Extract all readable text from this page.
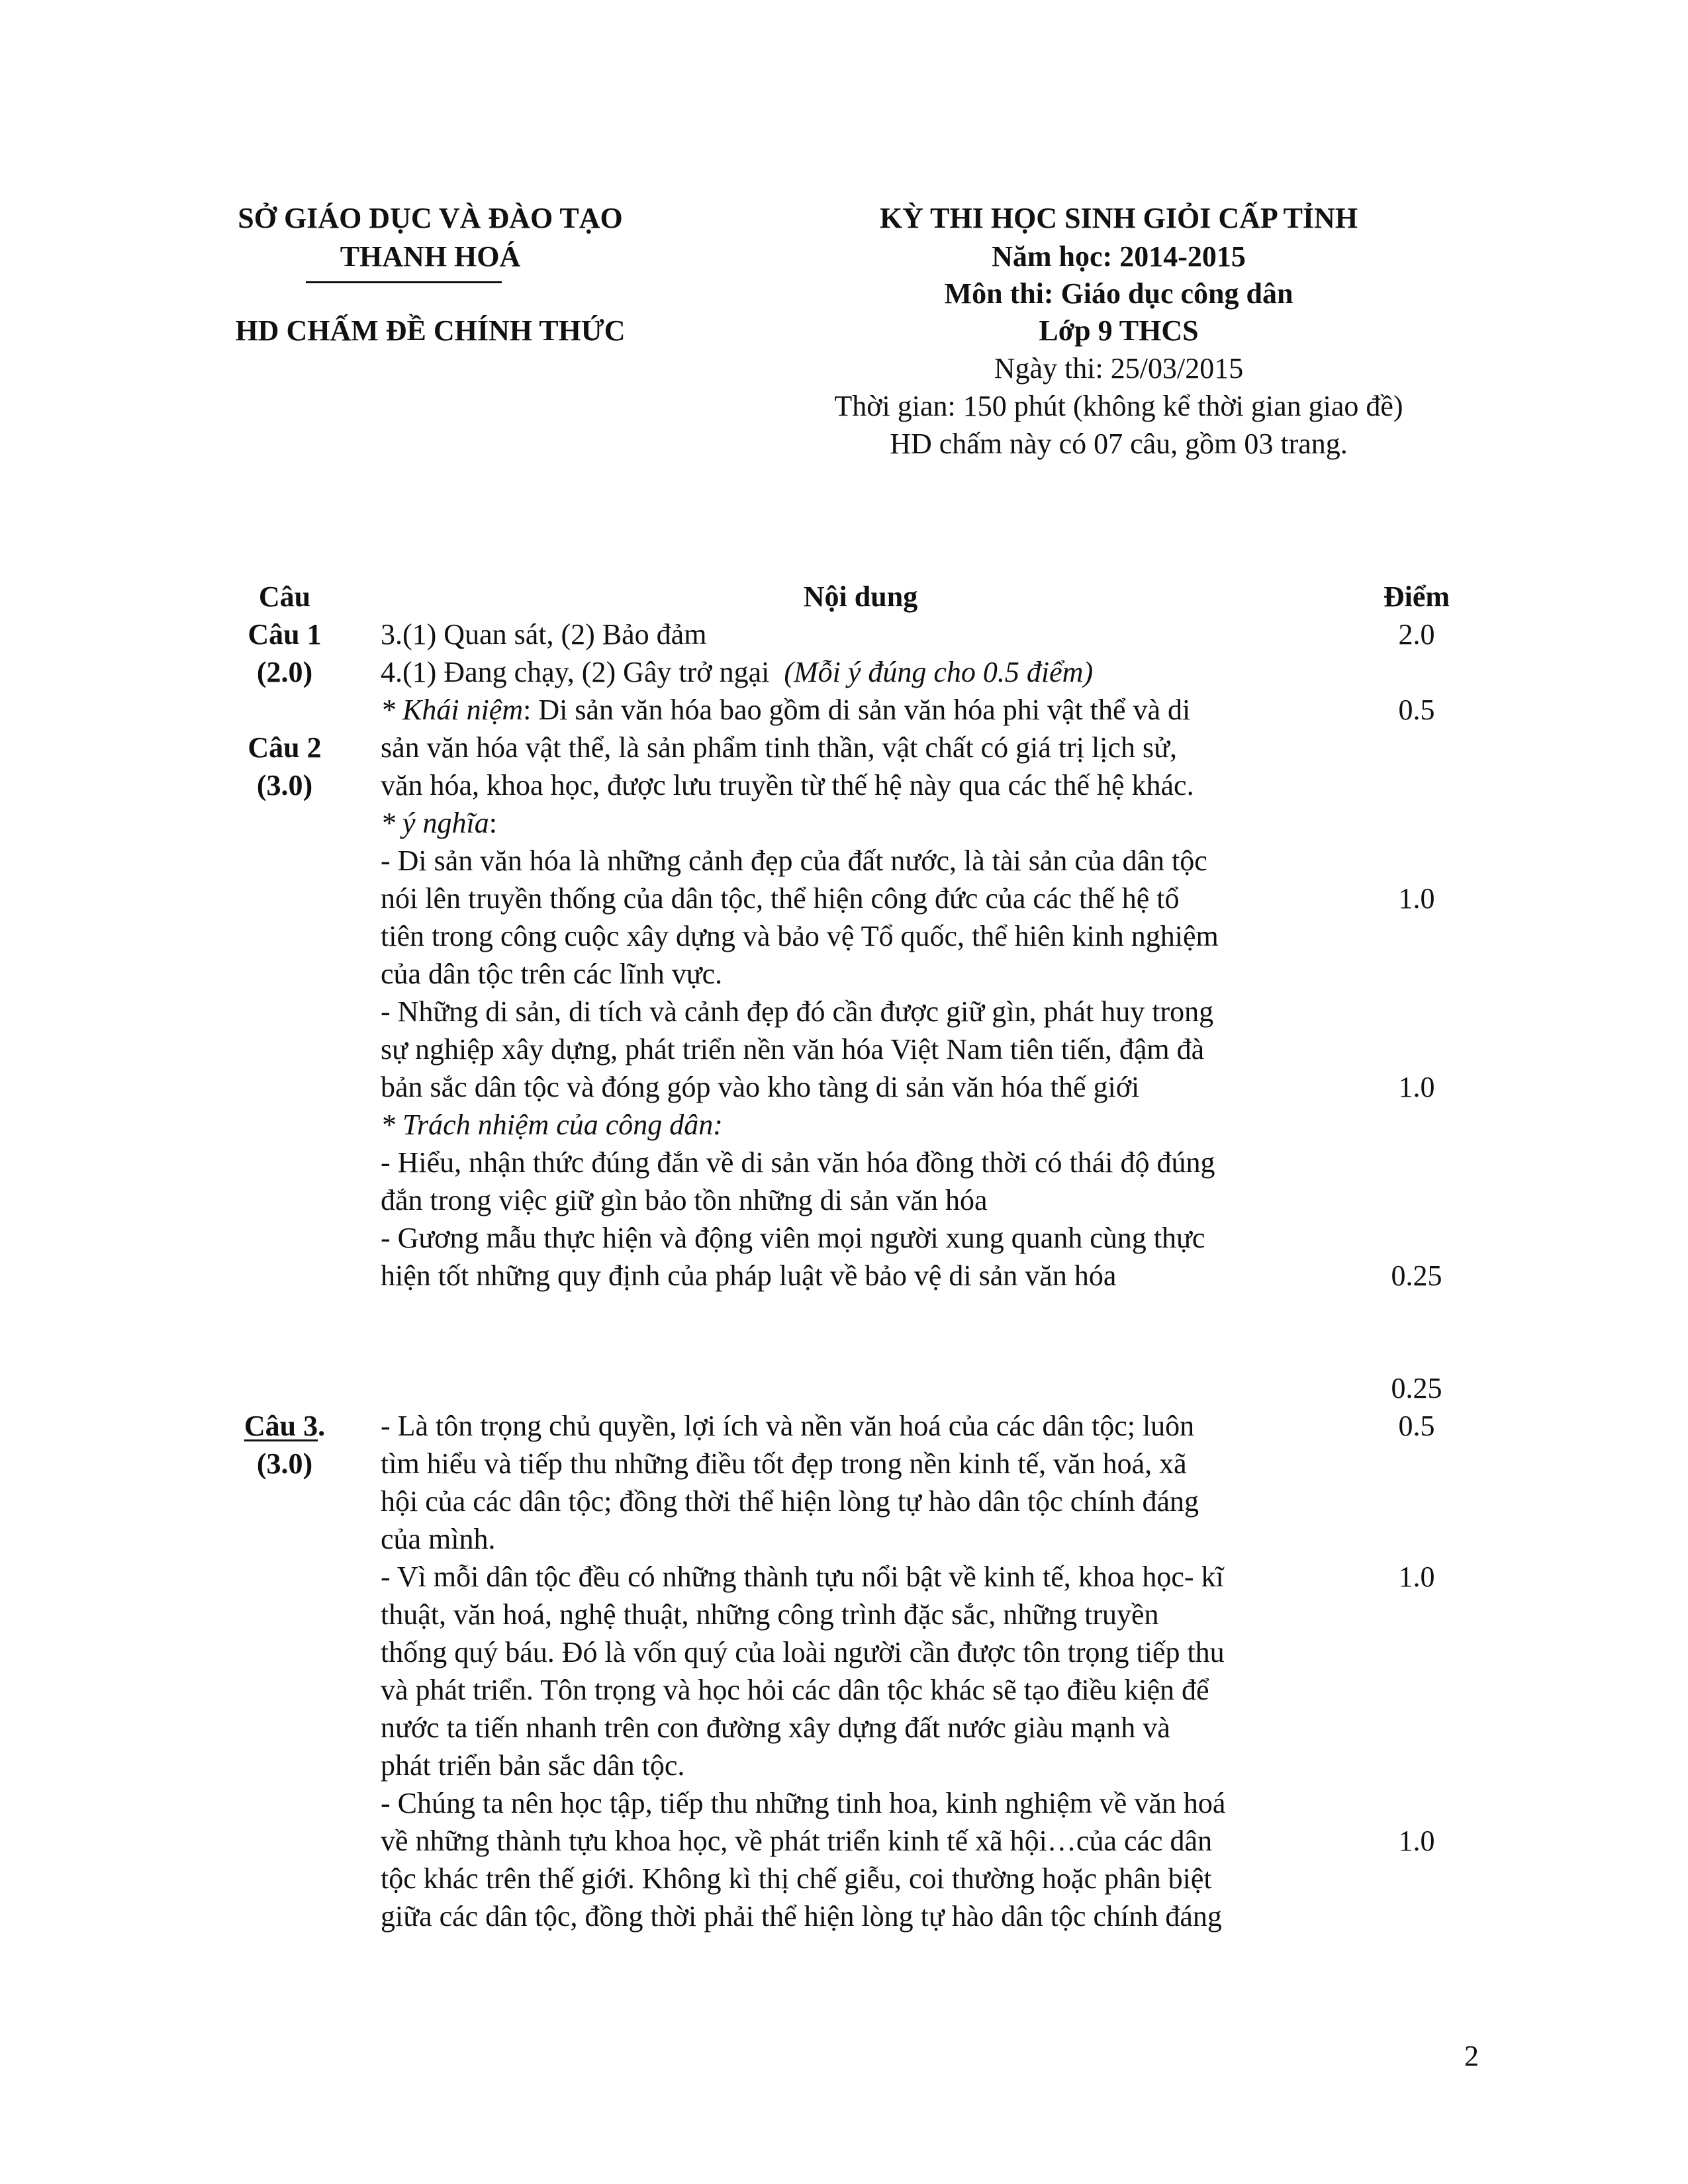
SỞ GIÁO DỤC VÀ ĐÀO TẠO
THANH HOÁ
HD CHẤM ĐỀ CHÍNH THỨC
KỲ THI HỌC SINH GIỎI CẤP TỈNH
Năm học: 2014-2015
Môn thi: Giáo dục công dân
Lớp 9 THCS
Ngày thi: 25/03/2015
Thời gian: 150 phút (không kể thời gian giao đề)
HD chấm này có 07 câu, gồm 03 trang.
Câu	Nội dung	Điểm
Câu 1
(2.0)
3.(1) Quan sát, (2) Bảo đảm
4.(1) Đang chạy, (2) Gây trở ngại (Mỗi ý đúng cho 0.5 điểm)
2.0
Câu 2
(3.0)
* Khái niệm: Di sản văn hóa bao gồm di sản văn hóa phi vật thể và di
sản văn hóa vật thể, là sản phẩm tinh thần, vật chất có giá trị lịch sử,
văn hóa, khoa học, được lưu truyền từ thế hệ này qua các thế hệ khác.
* ý nghĩa:
- Di sản văn hóa là những cảnh đẹp của đất nước, là tài sản của dân tộc
nói lên truyền thống của dân tộc, thể hiện công đức của các thế hệ tổ
tiên trong công cuộc xây dựng và bảo vệ Tổ quốc, thể hiên kinh nghiệm
của dân tộc trên các lĩnh vực.
- Những di sản, di tích và cảnh đẹp đó cần được giữ gìn, phát huy trong
sự nghiệp xây dựng, phát triển nền văn hóa Việt Nam tiên tiến, đậm đà
bản sắc dân tộc và đóng góp vào kho tàng di sản văn hóa thế giới
* Trách nhiệm của công dân:
- Hiểu, nhận thức đúng đắn về di sản văn hóa đồng thời có thái độ đúng
đắn trong việc giữ gìn bảo tồn những di sản văn hóa
- Gương mẫu thực hiện và động viên mọi người xung quanh cùng thực
hiện tốt những quy định của pháp luật về bảo vệ di sản văn hóa
0.5
1.0
1.0
0.25
0.25
Câu 3.
(3.0)
- Là tôn trọng chủ quyền, lợi ích và nền văn hoá của các dân tộc; luôn
tìm hiểu và tiếp thu những điều tốt đẹp trong nền kinh tế, văn hoá, xã
hội của các dân tộc; đồng thời thể hiện lòng tự hào dân tộc chính đáng
của mình.
- Vì mỗi dân tộc đều có những thành tựu nổi bật về kinh tế, khoa học- kĩ
thuật, văn hoá, nghệ thuật, những công trình đặc sắc, những truyền
thống quý báu. Đó là vốn quý của loài người cần được tôn trọng tiếp thu
và phát triển. Tôn trọng và học hỏi các dân tộc khác sẽ tạo điều kiện để
nước ta tiến nhanh trên con đường xây dựng đất nước giàu mạnh và
phát triển bản sắc dân tộc.
- Chúng ta nên học tập, tiếp thu những tinh hoa, kinh nghiệm về văn hoá
về những thành tựu khoa học, về phát triển kinh tế xã hội…của các dân
tộc khác trên thế giới. Không kì thị chế giễu, coi thường hoặc phân biệt
giữa các dân tộc, đồng thời phải thể hiện lòng tự hào dân tộc chính đáng
0.5
1.0
1.0
2
